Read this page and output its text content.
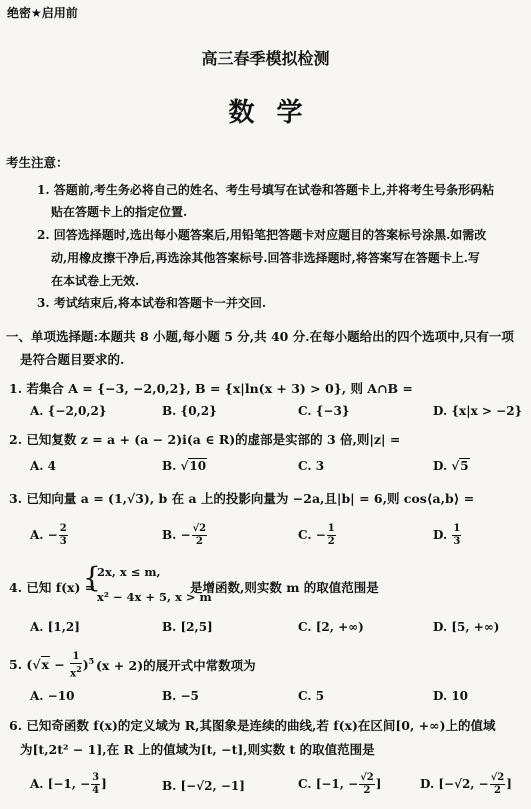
绝密★启用前
高三春季模拟检测
数学
考生注意：
1. 答题前,考生务必将自己的姓名、考生号填写在试卷和答题卡上,并将考生号条形码粘
贴在答题卡上的指定位置.
2. 回答选择题时,选出每小题答案后,用铅笔把答题卡对应题目的答案标号涂黑.如需改
动,用橡皮擦干净后,再选涂其他答案标号.回答非选择题时,将答案写在答题卡上.写
在本试卷上无效.
3. 考试结束后,将本试卷和答题卡一并交回.
一、单项选择题:本题共 8 小题,每小题 5 分,共 40 分.在每小题给出的四个选项中,只有一项
是符合题目要求的.
1. 若集合 A = {−3, −2,0,2}, B = {x|ln(x + 3) > 0}, 则 A∩B =
A. {−2,0,2}	B. {0,2}	C. {−3}	D. {x|x > −2}
2. 已知复数 z = a + (a − 2)i(a ∈ R)的虚部是实部的 3 倍,则|z| =
A. 4	B. √10	C. 3	D. √5
3. 已知向量 a = (1,√3), b 在 a 上的投影向量为 −2a,且|b| = 6,则 cos⟨a,b⟩ =
A. − $\frac{2}{3}$	B. − $\frac{√2}{2}$	C. − $\frac{1}{2}$	D. $\frac{1}{3}$
4. 已知 f(x) =
{
2x, x ≤ m,
x² − 4x + 5, x > m
是增函数,则实数 m 的取值范围是
A. [1,2]	B. [2,5]	C. [2, +∞)	D. [5, +∞)
5. $(√x - \frac{1}{x^2} )^5$ (x + 2)的展开式中常数项为
A. −10	B. −5	C. 5	D. 10
6. 已知奇函数 f(x)的定义域为 R,其图象是连续的曲线,若 f(x)在区间[0, +∞)上的值域
为[t,2t² − 1],在 R 上的值域为[t, −t],则实数 t 的取值范围是
A. [−1, − $\frac{3}{4}$ ]	B. [−√2, −1]	C. [−1, − $\frac{√2}{2}$ ]	D. [−√2, − $\frac{√2}{2}$ ]
